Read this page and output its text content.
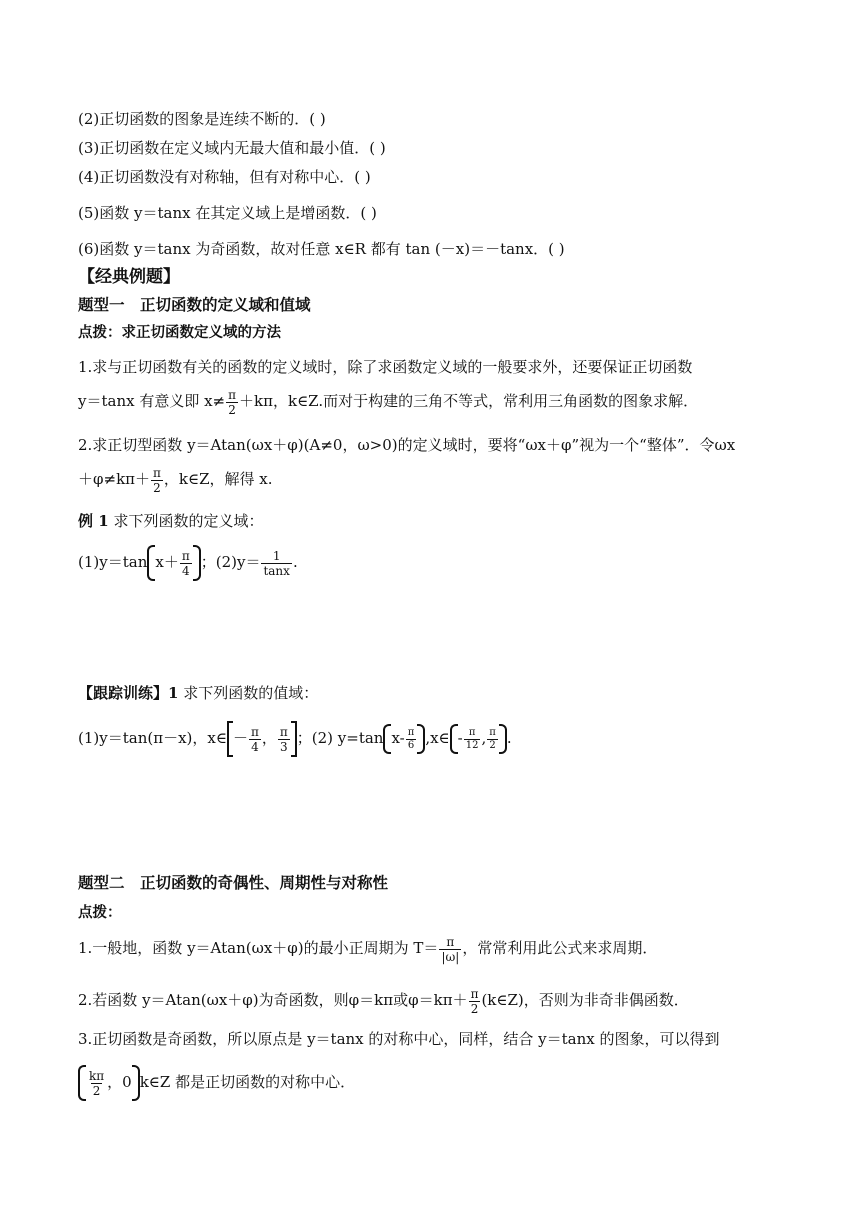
(2)正切函数的图象是连续不断的．( )
(3)正切函数在定义域内无最大值和最小值．( )
(4)正切函数没有对称轴，但有对称中心．( )
(5)函数 y＝tanx 在其定义域上是增函数．( )
(6)函数 y＝tanx 为奇函数，故对任意 x∈R 都有 tan (－x)＝－tanx．( )
【经典例题】
题型一　正切函数的定义域和值域
点拨：求正切函数定义域的方法
1.求与正切函数有关的函数的定义域时，除了求函数定义域的一般要求外，还要保证正切函数
y＝tanx 有意义即 $x\ne \frac{\pi}{2} +k\pi$，k∈Z.而对于构建的三角不等式，常利用三角函数的图象求解．
2.求正切型函数 y＝Atan(ωx＋φ)(A≠0，ω>0)的定义域时，要将“ωx＋φ”视为一个“整体”．令ωx
$+\varphi\ne k\pi+ \frac{\pi}{2}$ ，k∈Z，解得 x.
例 1 求下列函数的定义域：
(1)y＝tan $x+ \frac{\pi}{4}$ ；$(2)y= \frac{1}{\tan x}$ .
【跟踪训练】1 求下列函数的值域：
(1)y＝tan(π－x)，x∈ － $\frac{\pi}{4}$ ， $\frac{\pi}{3}$ ；(2) y=tan $x- \frac{\pi}{6}$ ,x∈ - $\frac{\pi}{12}$ , $\frac{\pi}{2}$ .
题型二　正切函数的奇偶性、周期性与对称性
点拨：
1.一般地，函数 y＝Atan(ωx＋φ)的最小正周期为 $T= \frac{\pi}{|\omega|}$ ，常常利用此公式来求周期．
2.若函数 y＝Atan(ωx＋φ)为奇函数，则φ＝kπ或$\varphi=k\pi+ \frac{\pi}{2}$ (k∈Z)，否则为非奇非偶函数．
3.正切函数是奇函数，所以原点是 y＝tanx 的对称中心，同样，结合 y＝tanx 的图象，可以得到
$\frac{k\pi}{2}$ ，0 k∈Z 都是正切函数的对称中心．
